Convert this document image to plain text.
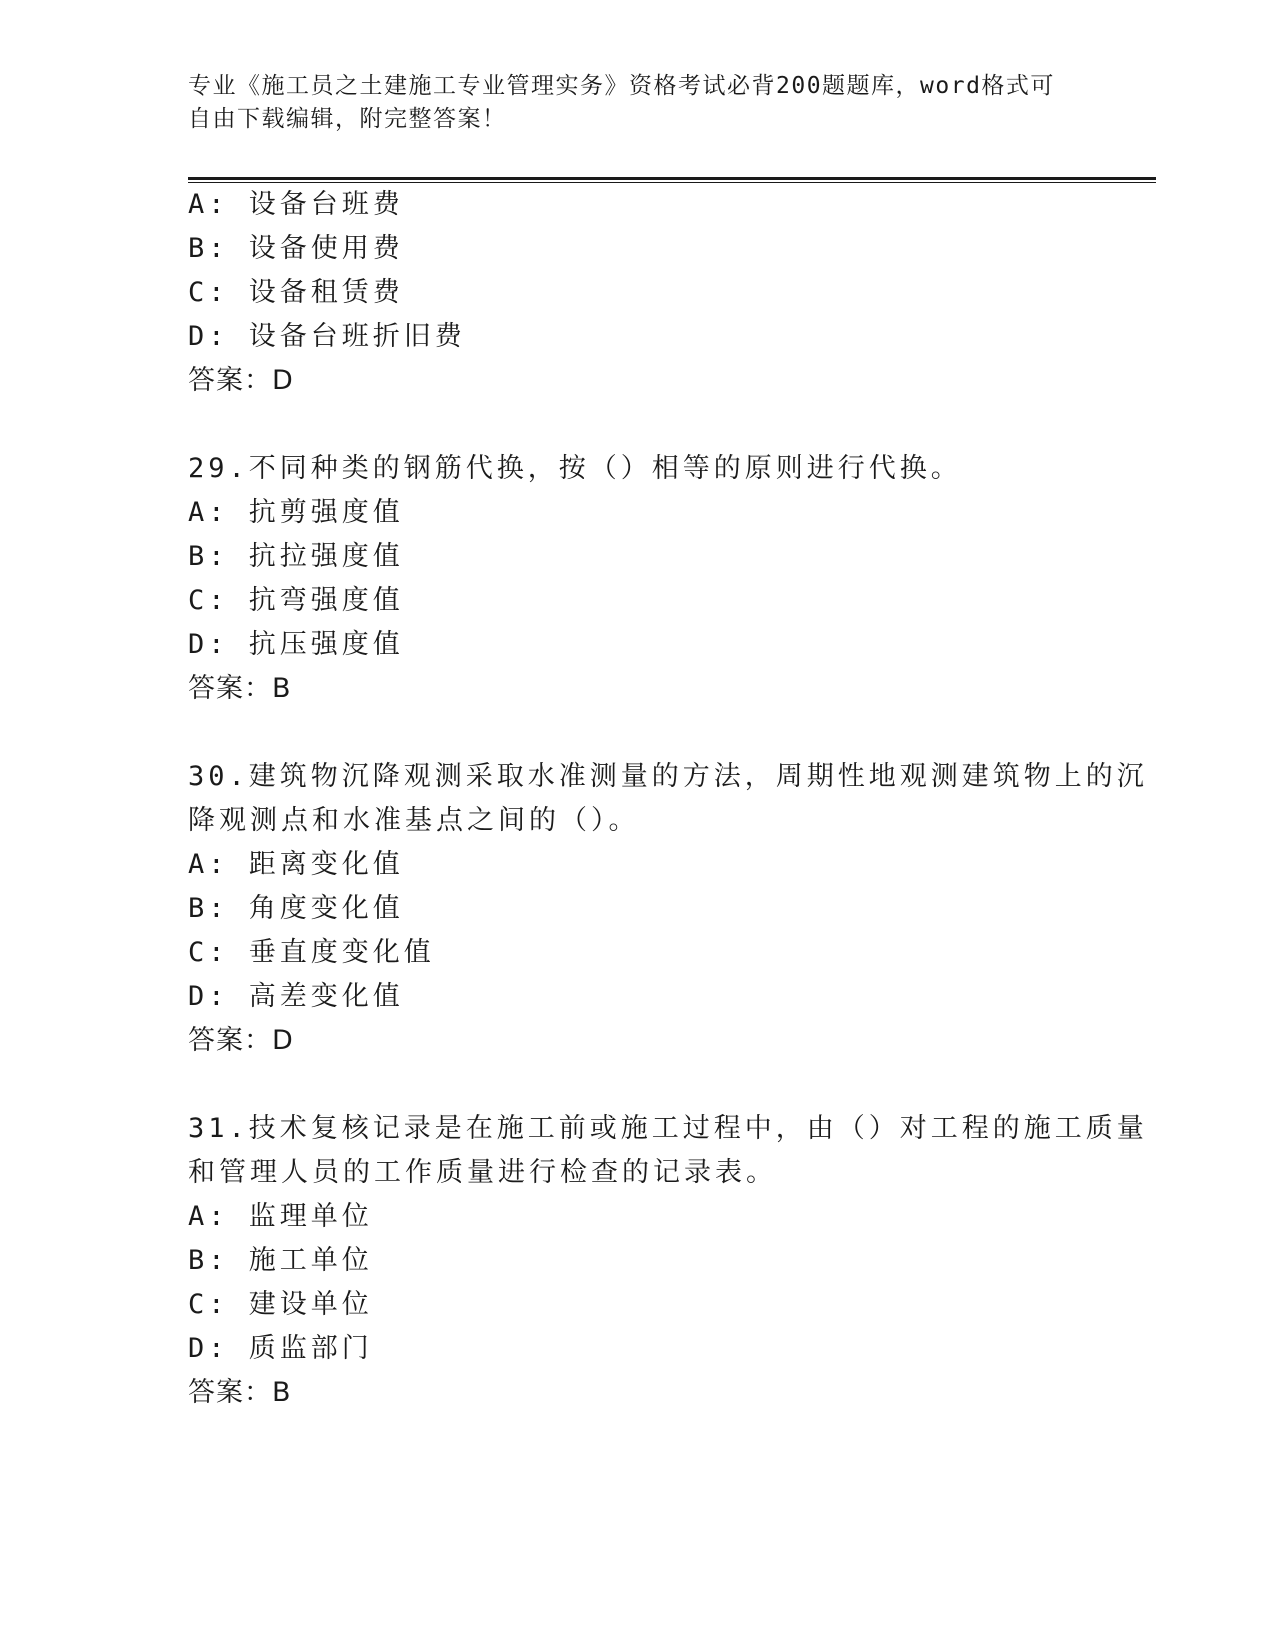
专业《施工员之土建施工专业管理实务》资格考试必背200题题库，word格式可
自由下载编辑，附完整答案！
A: 设备台班费
B: 设备使用费
C: 设备租赁费
D: 设备台班折旧费
答案：D
29.不同种类的钢筋代换，按（）相等的原则进行代换。
A: 抗剪强度值
B: 抗拉强度值
C: 抗弯强度值
D: 抗压强度值
答案：B
30.建筑物沉降观测采取水准测量的方法，周期性地观测建筑物上的沉
降观测点和水准基点之间的（）。
A: 距离变化值
B: 角度变化值
C: 垂直度变化值
D: 高差变化值
答案：D
31.技术复核记录是在施工前或施工过程中，由（）对工程的施工质量
和管理人员的工作质量进行检查的记录表。
A: 监理单位
B: 施工单位
C: 建设单位
D: 质监部门
答案：B
